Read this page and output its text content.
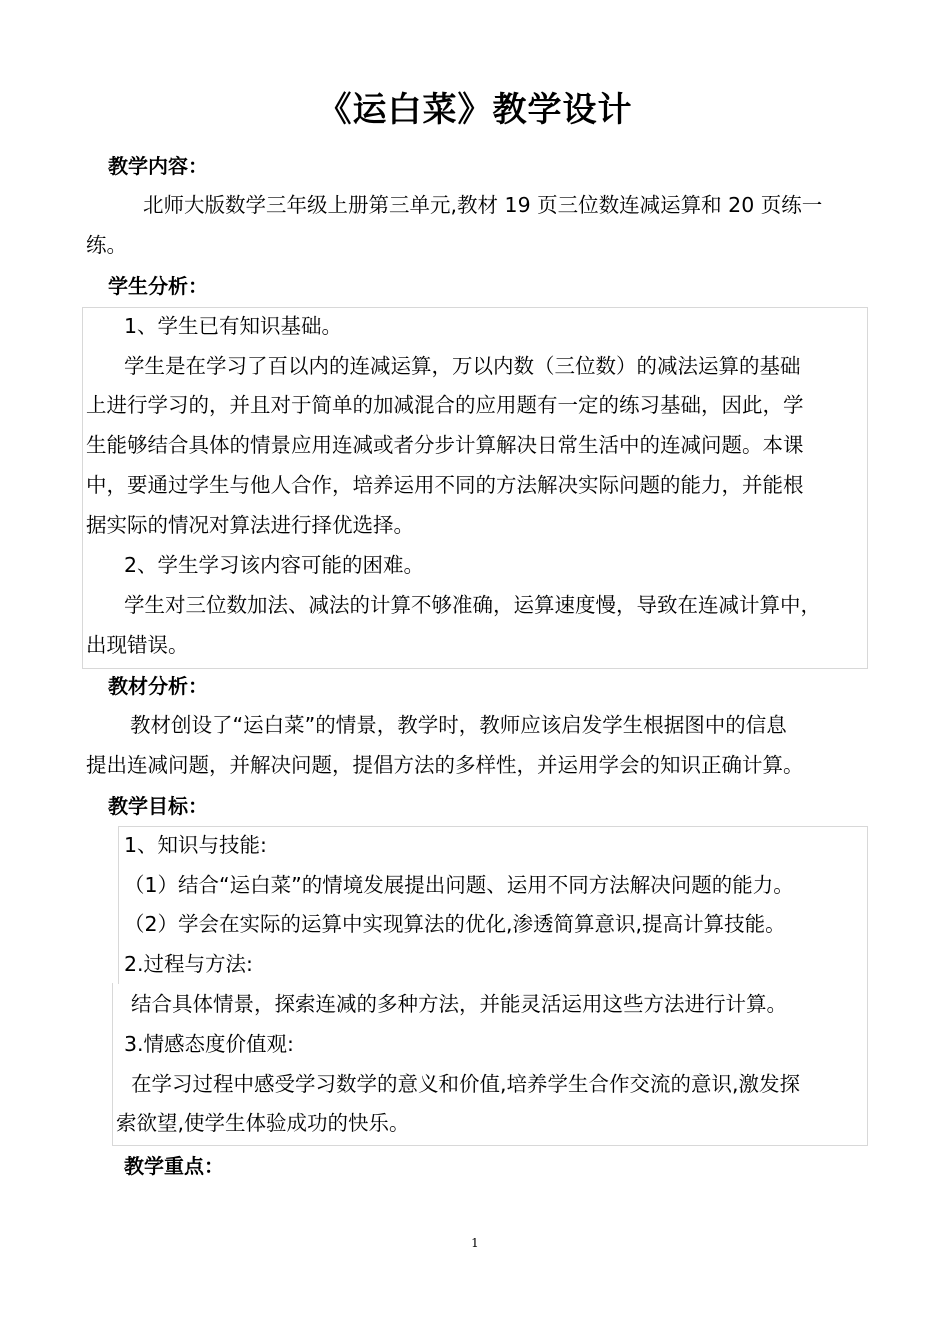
《运白菜》教学设计
教学内容：
北师大版数学三年级上册第三单元,教材 19 页三位数连减运算和 20 页练一
练。
学生分析：
1、学生已有知识基础。
学生是在学习了百以内的连减运算，万以内数（三位数）的减法运算的基础
上进行学习的，并且对于简单的加减混合的应用题有一定的练习基础，因此，学
生能够结合具体的情景应用连减或者分步计算解决日常生活中的连减问题。本课
中，要通过学生与他人合作，培养运用不同的方法解决实际问题的能力，并能根
据实际的情况对算法进行择优选择。
2、学生学习该内容可能的困难。
学生对三位数加法、减法的计算不够准确，运算速度慢，导致在连减计算中，
出现错误。
教材分析：
教材创设了“运白菜”的情景，教学时，教师应该启发学生根据图中的信息
提出连减问题，并解决问题，提倡方法的多样性，并运用学会的知识正确计算。
教学目标：
1、知识与技能:
（1）结合“运白菜”的情境发展提出问题、运用不同方法解决问题的能力。
（2）学会在实际的运算中实现算法的优化,渗透简算意识,提高计算技能。
2.过程与方法:
结合具体情景，探索连减的多种方法，并能灵活运用这些方法进行计算。
3.情感态度价值观:
在学习过程中感受学习数学的意义和价值,培养学生合作交流的意识,激发探
索欲望,使学生体验成功的快乐。
教学重点：
1
